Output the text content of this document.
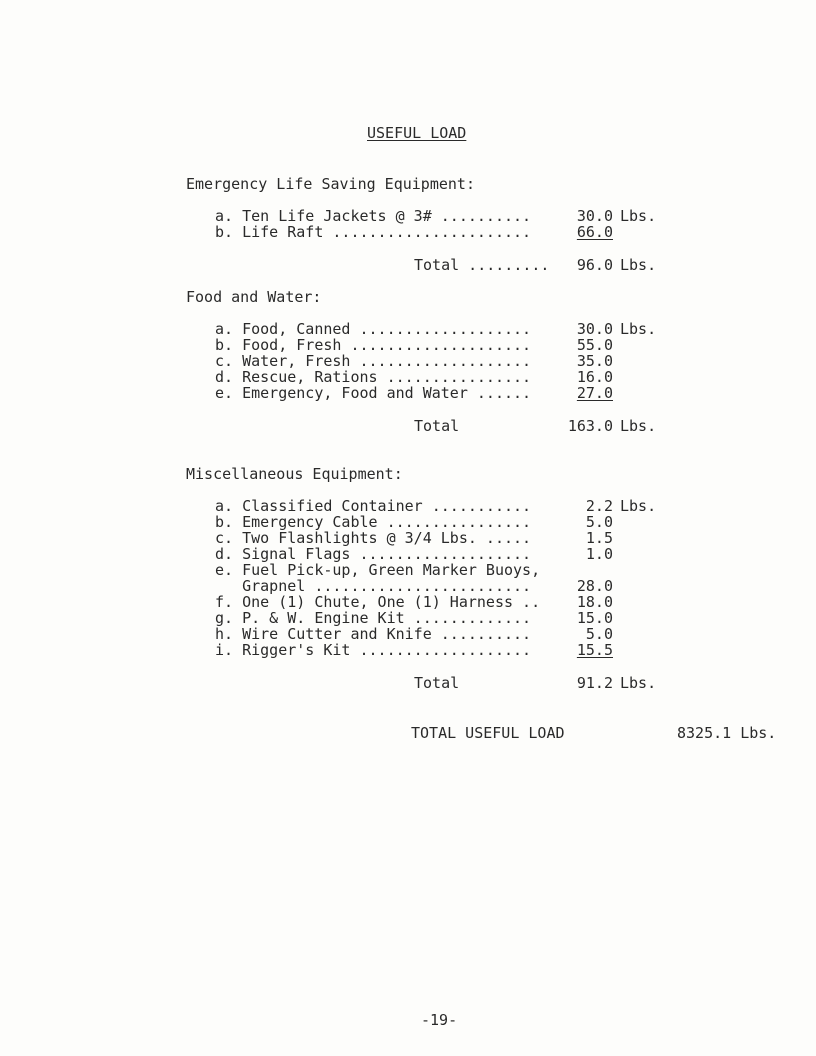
USEFUL LOAD
Emergency Life Saving Equipment:
a. Ten Life Jackets @ 3# ..........	30.0 Lbs.
b. Life Raft ......................	66.0
Total .........	96.0 Lbs.
Food and Water:
a. Food, Canned ...................	30.0 Lbs.
b. Food, Fresh ....................	55.0
c. Water, Fresh ...................	35.0
d. Rescue, Rations ................	16.0
e. Emergency, Food and Water ......	27.0
Total	163.0 Lbs.
Miscellaneous Equipment:
a. Classified Container ...........	2.2 Lbs.
b. Emergency Cable ................	5.0
c. Two Flashlights @ 3/4 Lbs. .....	1.5
d. Signal Flags ...................	1.0
e. Fuel Pick-up, Green Marker Buoys,
Grapnel ........................	28.0
f. One (1) Chute, One (1) Harness ..	18.0
g. P. & W. Engine Kit .............	15.0
h. Wire Cutter and Knife ..........	5.0
i. Rigger's Kit ...................	15.5
Total	91.2 Lbs.
TOTAL USEFUL LOAD	8325.1 Lbs.
-19-
